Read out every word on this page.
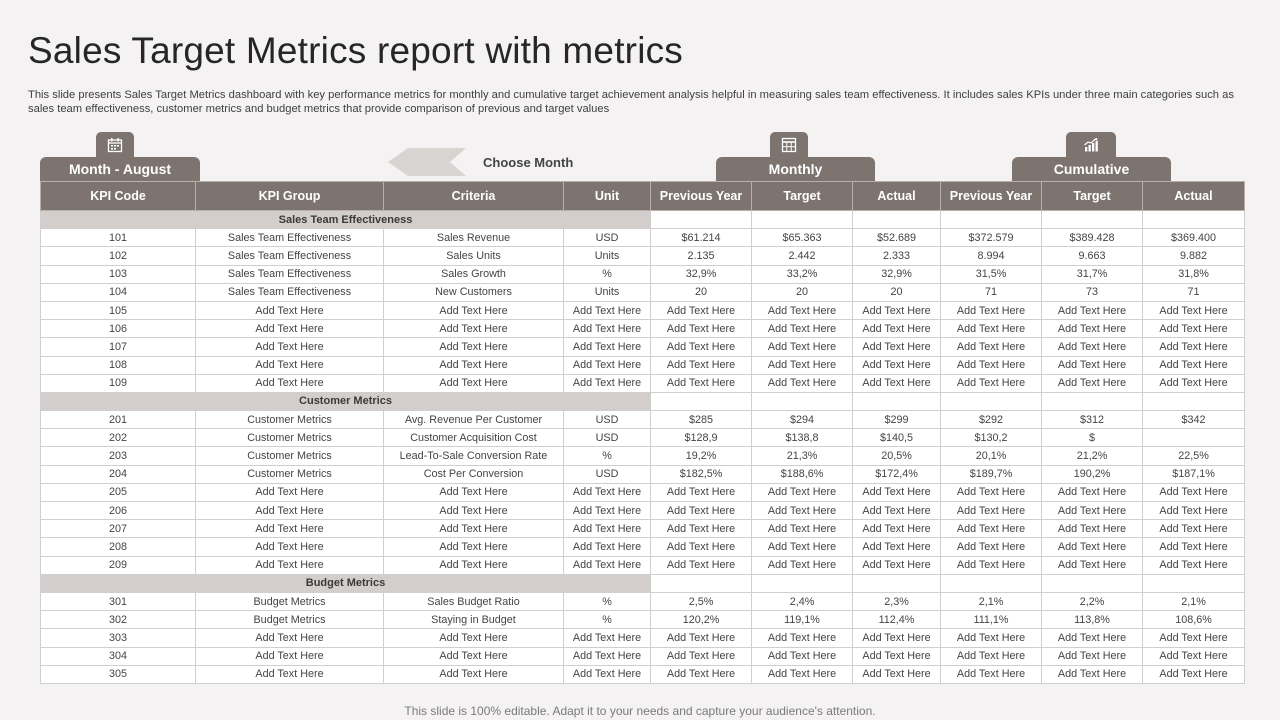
Sales Target Metrics report with metrics
This slide presents Sales Target Metrics dashboard with key performance metrics for monthly and cumulative target achievement analysis helpful in measuring sales team effectiveness. It includes sales KPIs under three main categories such as sales team effectiveness, customer metrics and budget metrics that provide comparison of previous and target values
Month - August	Choose Month	Monthly	Cumulative
KPI Code	KPI Group	Criteria	Unit	Previous Year	Target	Actual	Previous Year	Target	Actual
Sales Team Effectiveness									
101	Sales Team Effectiveness	Sales Revenue	USD	$61.214	$65.363	$52.689	$372.579	$389.428	$369.400
102	Sales Team Effectiveness	Sales Units	Units	2.135	2.442	2.333	8.994	9.663	9.882
103	Sales Team Effectiveness	Sales Growth	%	32,9%	33,2%	32,9%	31,5%	31,7%	31,8%
104	Sales Team Effectiveness	New Customers	Units	20	20	20	71	73	71
105	Add Text Here	Add Text Here	Add Text Here	Add Text Here	Add Text Here	Add Text Here	Add Text Here	Add Text Here	Add Text Here
106	Add Text Here	Add Text Here	Add Text Here	Add Text Here	Add Text Here	Add Text Here	Add Text Here	Add Text Here	Add Text Here
107	Add Text Here	Add Text Here	Add Text Here	Add Text Here	Add Text Here	Add Text Here	Add Text Here	Add Text Here	Add Text Here
108	Add Text Here	Add Text Here	Add Text Here	Add Text Here	Add Text Here	Add Text Here	Add Text Here	Add Text Here	Add Text Here
109	Add Text Here	Add Text Here	Add Text Here	Add Text Here	Add Text Here	Add Text Here	Add Text Here	Add Text Here	Add Text Here
Customer Metrics									
201	Customer Metrics	Avg. Revenue Per Customer	USD	$285	$294	$299	$292	$312	$342
202	Customer Metrics	Customer Acquisition Cost	USD	$128,9	$138,8	$140,5	$130,2	$	
203	Customer Metrics	Lead-To-Sale Conversion Rate	%	19,2%	21,3%	20,5%	20,1%	21,2%	22,5%
204	Customer Metrics	Cost Per Conversion	USD	$182,5%	$188,6%	$172,4%	$189,7%	190,2%	$187,1%
205	Add Text Here	Add Text Here	Add Text Here	Add Text Here	Add Text Here	Add Text Here	Add Text Here	Add Text Here	Add Text Here
206	Add Text Here	Add Text Here	Add Text Here	Add Text Here	Add Text Here	Add Text Here	Add Text Here	Add Text Here	Add Text Here
207	Add Text Here	Add Text Here	Add Text Here	Add Text Here	Add Text Here	Add Text Here	Add Text Here	Add Text Here	Add Text Here
208	Add Text Here	Add Text Here	Add Text Here	Add Text Here	Add Text Here	Add Text Here	Add Text Here	Add Text Here	Add Text Here
209	Add Text Here	Add Text Here	Add Text Here	Add Text Here	Add Text Here	Add Text Here	Add Text Here	Add Text Here	Add Text Here
Budget Metrics									
301	Budget Metrics	Sales Budget Ratio	%	2,5%	2,4%	2,3%	2,1%	2,2%	2,1%
302	Budget Metrics	Staying in Budget	%	120,2%	119,1%	112,4%	111,1%	113,8%	108,6%
303	Add Text Here	Add Text Here	Add Text Here	Add Text Here	Add Text Here	Add Text Here	Add Text Here	Add Text Here	Add Text Here
304	Add Text Here	Add Text Here	Add Text Here	Add Text Here	Add Text Here	Add Text Here	Add Text Here	Add Text Here	Add Text Here
305	Add Text Here	Add Text Here	Add Text Here	Add Text Here	Add Text Here	Add Text Here	Add Text Here	Add Text Here	Add Text Here
This slide is 100% editable. Adapt it to your needs and capture your audience's attention.
